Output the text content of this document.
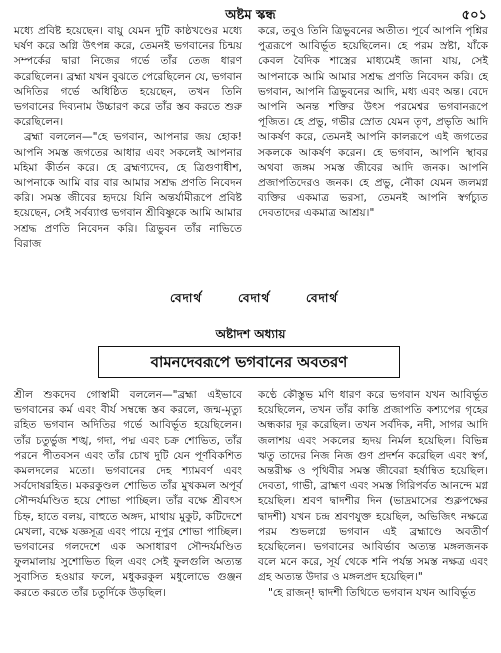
অষ্টম স্কন্ধ	৫০১

মধ্যে প্রবিষ্ট হয়েছেন। বায়ু যেমন দুটি কাষ্ঠখণ্ডের মধ্যে ঘর্ষণ করে অগ্নি উৎপন্ন করে, তেমনই ভগবানের চিন্ময় সম্পর্কের দ্বারা নিজের গর্ভে তাঁর তেজ ধারণ করেছিলেন। ব্রহ্মা যখন বুঝতে পেরেছিলেন যে, ভগবান অদিতির গর্ভে অধিষ্ঠিত হয়েছেন, তখন তিনি ভগবানের দিব্যনাম উচ্চারণ করে তাঁর স্তব করতে শুরু করেছিলেন।

ব্রহ্মা বললেন—"হে ভগবান, আপনার জয় হোক! আপনি সমস্ত জগতের আধার এবং সকলেই আপনার মহিমা কীর্তন করে। হে ব্রহ্মণ্যদেব, হে ত্রিগুণাধীশ, আপনাকে আমি বার বার আমার সশ্রদ্ধ প্রণতি নিবেদন করি। সমস্ত জীবের হৃদয়ে যিনি অন্তর্যামীরূপে প্রবিষ্ট হয়েছেন, সেই সর্বব্যাপ্ত ভগবান শ্রীবিষ্ণুকে আমি আমার সশ্রদ্ধ প্রণতি নিবেদন করি। ত্রিভুবন তাঁর নাভিতে বিরাজ

করে, তবুও তিনি ত্রিভুবনের অতীত। পূর্বে আপনি পৃশ্নির পুত্ররূপে আবির্ভূত হয়েছিলেন। হে পরম স্রষ্টা, যাঁকে কেবল বৈদিক শাস্ত্রের মাধ্যমেই জানা যায়, সেই আপনাকে আমি আমার সশ্রদ্ধ প্রণতি নিবেদন করি। হে ভগবান, আপনি ত্রিভুবনের আদি, মধ্য এবং অন্ত। বেদে আপনি অনন্ত শক্তির উৎস পরমেশ্বর ভগবানরূপে পূজিত। হে প্রভু, গভীর স্রোত যেমন তৃণ, প্রভৃতি আদি আকর্ষণ করে, তেমনই আপনি কালরূপে এই জগতের সকলকে আকর্ষণ করেন। হে ভগবান, আপনি স্থাবর অথবা জঙ্গম সমস্ত জীবের আদি জনক। আপনি প্রজাপতিদেরও জনক। হে প্রভু, নৌকা যেমন জলমগ্ন ব্যক্তির একমাত্র ভরসা, তেমনই আপনি স্বর্গচ্যুত দেবতাদের একমাত্র আশ্রয়।"

বেদার্থ	বেদার্থ	বেদার্থ
অষ্টাদশ অধ্যায়
বামনদেবরূপে ভগবানের অবতরণ

শ্রীল শুকদেব গোস্বামী বললেন—"ব্রহ্মা এইভাবে ভগবানের কর্ম এবং বীর্য সম্বন্ধে স্তব করলে, জন্ম-মৃত্যু রহিত ভগবান অদিতির গর্ভে আবির্ভূত হয়েছিলেন। তাঁর চতুর্ভুজ শঙ্খ, গদা, পদ্ম এবং চক্র শোভিত, তাঁর পরনে পীতবসন এবং তাঁর চোখ দুটি যেন পূর্ণবিকশিত কমলদলের মতো। ভগবানের দেহ শ্যামবর্ণ এবং সর্বদোষরহিত। মকরকুণ্ডল শোভিত তাঁর মুখকমল অপূর্ব সৌন্দর্যমণ্ডিত হয়ে শোভা পাচ্ছিল। তাঁর বক্ষে শ্রীবৎস চিহ্ন, হাতে বলয়, বাহুতে অঙ্গদ, মাথায় মুকুট, কটিদেশে মেখলা, বক্ষে যজ্ঞসূত্র এবং পায়ে নূপুর শোভা পাচ্ছিল। ভগবানের গলদেশে এক অসাধারণ সৌন্দর্যমণ্ডিত ফুলমালায় সুশোভিত ছিল এবং সেই ফুলগুলি অত্যন্ত সুবাসিত হওয়ার ফলে, মধুকরকুল মধুলোভে গুঞ্জন করতে করতে তাঁর চতুর্দিকে উড়ছিল।

কণ্ঠে কৌস্তুভ মণি ধারণ করে ভগবান যখন আবির্ভূত হয়েছিলেন, তখন তাঁর কান্তি প্রজাপতি কশ্যপের গৃহের অন্ধকার দূর করেছিল। তখন সর্বদিক, নদী, সাগর আদি জলাশয় এবং সকলের হৃদয় নির্মল হয়েছিল। বিভিন্ন ঋতু তাদের নিজ নিজ গুণ প্রদর্শন করেছিল এবং স্বর্গ, অন্তরীক্ষ ও পৃথিবীর সমস্ত জীবেরা হর্ষান্বিত হয়েছিল। দেবতা, গাভী, ব্রাহ্মণ এবং সমস্ত গিরিপর্বত আনন্দে মগ্ন হয়েছিল। শ্রবণ দ্বাদশীর দিন (ভাদ্রমাসের শুক্লপক্ষের দ্বাদশী) যখন চন্দ্র শ্রবণযুক্ত হয়েছিল, অভিজিৎ নক্ষত্রে পরম শুভলগ্নে ভগবান এই ব্রহ্মাণ্ডে অবতীর্ণ হয়েছিলেন। ভগবানের আবির্ভাব অত্যন্ত মঙ্গলজনক বলে মনে করে, সূর্য থেকে শনি পর্যন্ত সমস্ত নক্ষত্র এবং গ্রহ অত্যন্ত উদার ও মঙ্গলপ্রদ হয়েছিল।"

"হে রাজন্‌! দ্বাদশী তিথিতে ভগবান যখন আবির্ভূত
